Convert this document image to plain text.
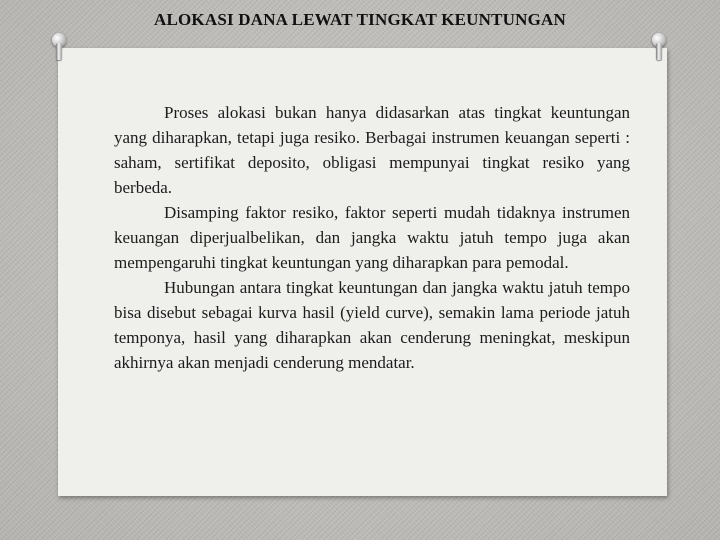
ALOKASI DANA LEWAT TINGKAT KEUNTUNGAN

Proses alokasi bukan hanya didasarkan atas tingkat keuntungan yang diharapkan, tetapi juga resiko. Berbagai instrumen keuangan seperti : saham, sertifikat deposito, obligasi mempunyai tingkat resiko yang berbeda.

Disamping faktor resiko, faktor seperti mudah tidaknya instrumen keuangan diperjualbelikan, dan jangka waktu jatuh tempo juga akan mempengaruhi tingkat keuntungan yang diharapkan para pemodal.

Hubungan antara tingkat keuntungan dan jangka waktu jatuh tempo bisa disebut sebagai kurva hasil (yield curve), semakin lama periode jatuh temponya, hasil yang diharapkan akan cenderung meningkat, meskipun akhirnya akan menjadi cenderung mendatar.
